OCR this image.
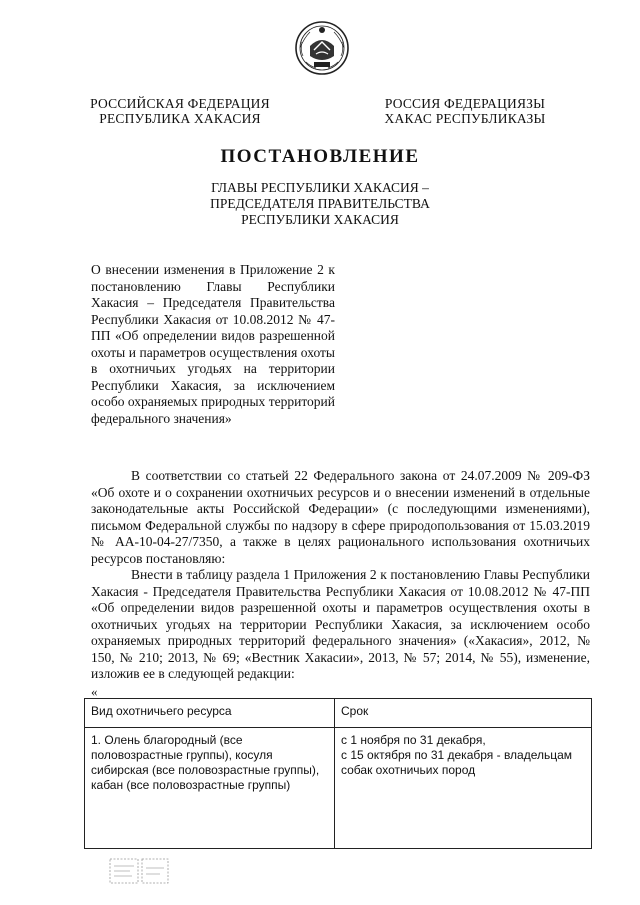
РОССИЙСКАЯ ФЕДЕРАЦИЯ
РЕСПУБЛИКА ХАКАСИЯ
РОССИЯ ФЕДЕРАЦИЯЗЫ
ХАКАС РЕСПУБЛИКАЗЫ
ПОСТАНОВЛЕНИЕ
ГЛАВЫ РЕСПУБЛИКИ ХАКАСИЯ –
ПРЕДСЕДАТЕЛЯ ПРАВИТЕЛЬСТВА
РЕСПУБЛИКИ ХАКАСИЯ
О внесении изменения в Приложение 2 к постановлению Главы Республики Хакасия – Председателя Правительства Республики Хакасия от 10.08.2012 № 47-ПП «Об определении видов разрешенной охоты и параметров осуществления охоты в охотничьих угодьях на территории Республики Хакасия, за исключением особо охраняемых природных территорий федерального значения»

В соответствии со статьей 22 Федерального закона от 24.07.2009 № 209-ФЗ «Об охоте и о сохранении охотничьих ресурсов и о внесении изменений в отдельные законодательные акты Российской Федерации» (с последующими изменениями), письмом Федеральной службы по надзору в сфере природопользования от 15.03.2019 № АА-10-04-27/7350, а также в целях рационального использования охотничьих ресурсов постановляю:

Внести в таблицу раздела 1 Приложения 2 к постановлению Главы Республики Хакасия - Председателя Правительства Республики Хакасия от 10.08.2012 № 47-ПП «Об определении видов разрешенной охоты и параметров осуществления охоты в охотничьих угодьях на территории Республики Хакасия, за исключением особо охраняемых природных территорий федерального значения» («Хакасия», 2012, № 150, № 210; 2013, № 69; «Вестник Хакасии», 2013, № 57; 2014, № 55), изменение, изложив ее в следующей редакции:

«
Вид охотничьего ресурса	Срок
1. Олень благородный (все половозрастные группы), косуля сибирская (все половозрастные группы), кабан (все половозрастные группы)	с 1 ноября по 31 декабря,
с 15 октября по 31 декабря - владельцам собак охотничьих пород
